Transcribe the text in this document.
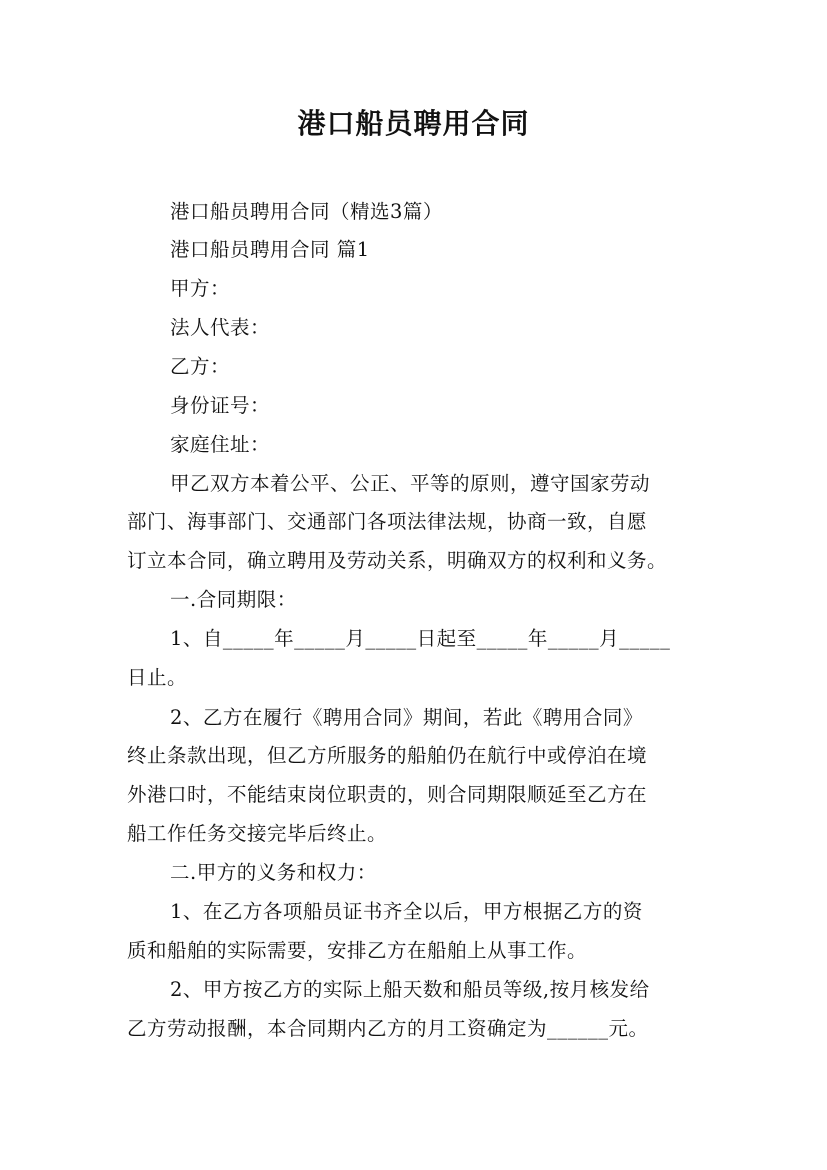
港口船员聘用合同
港口船员聘用合同（精选3篇）
港口船员聘用合同 篇1
甲方：
法人代表：
乙方：
身份证号：
家庭住址：
甲乙双方本着公平、公正、平等的原则，遵守国家劳动
部门、海事部门、交通部门各项法律法规，协商一致，自愿
订立本合同，确立聘用及劳动关系，明确双方的权利和义务。
一.合同期限：
1、自_____年_____月_____日起至_____年_____月_____
日止。
2、乙方在履行《聘用合同》期间，若此《聘用合同》
终止条款出现，但乙方所服务的船舶仍在航行中或停泊在境
外港口时，不能结束岗位职责的，则合同期限顺延至乙方在
船工作任务交接完毕后终止。
二.甲方的义务和权力：
1、在乙方各项船员证书齐全以后，甲方根据乙方的资
质和船舶的实际需要，安排乙方在船舶上从事工作。
2、甲方按乙方的实际上船天数和船员等级,按月核发给
乙方劳动报酬，本合同期内乙方的月工资确定为______元。
